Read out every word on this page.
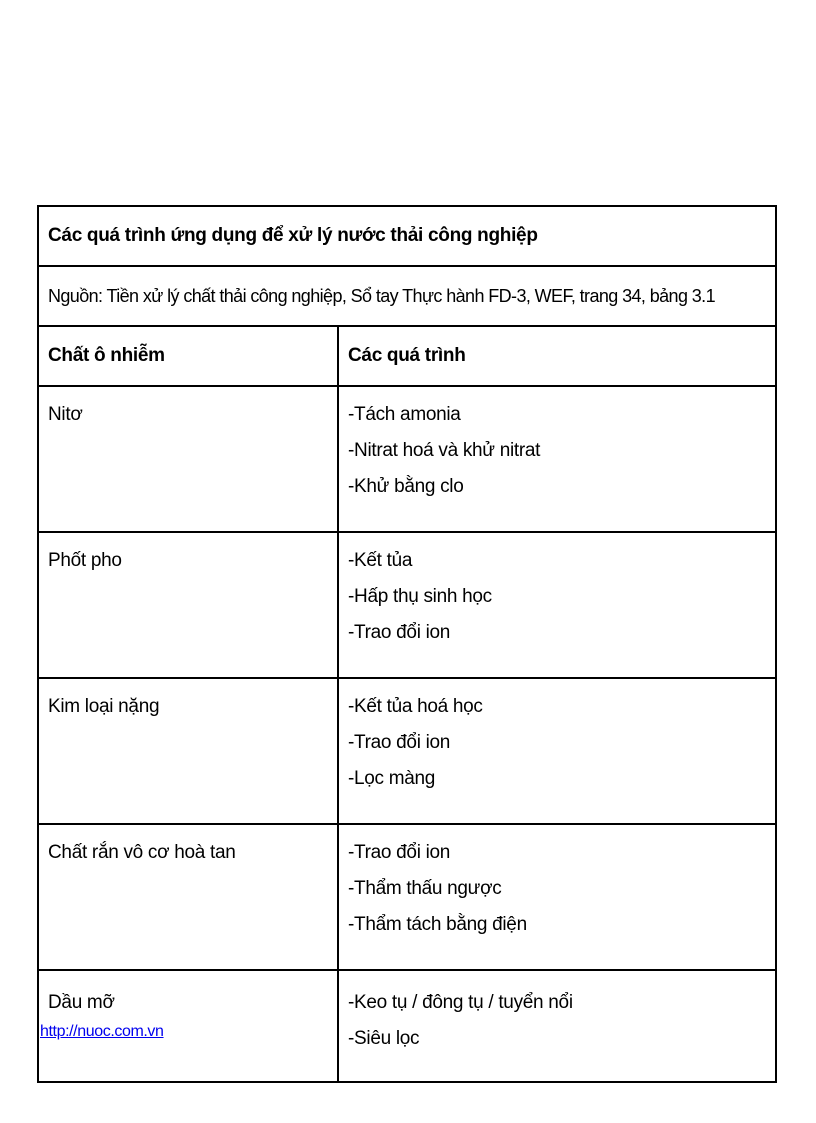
Các quá trình ứng dụng để xử lý nước thải công nghiệp	
Nguồn: Tiền xử lý chất thải công nghiệp, Sổ tay Thực hành FD-3, WEF, trang 34, bảng 3.1	
Chất ô nhiễm	Các quá trình
Nitơ	-Tách amonia
-Nitrat hoá và khử nitrat
-Khử bằng clo

Phốt pho	-Kết tủa
-Hấp thụ sinh học
-Trao đổi ion

Kim loại nặng	-Kết tủa hoá học
-Trao đổi ion
-Lọc màng

Chất rắn vô cơ hoà tan	-Trao đổi ion
-Thẩm thấu ngược
-Thẩm tách bằng điện

Dầu mỡ	-Keo tụ / đông tụ / tuyển nổi
-Siêu lọc
http://nuoc.com.vn
